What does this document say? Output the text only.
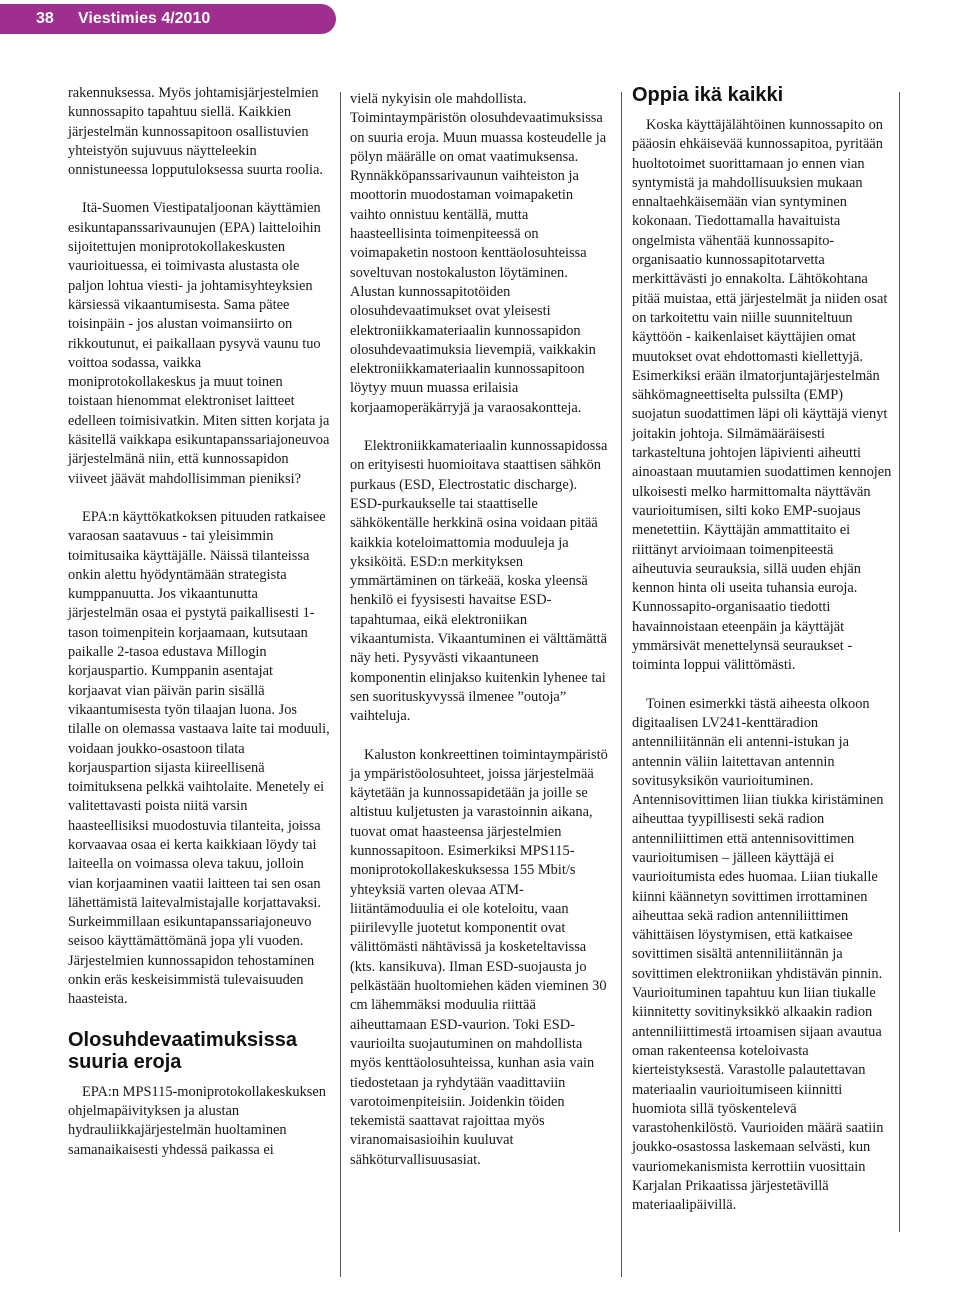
38	Viestimies 4/2010

rakennuksessa. Myös johtamisjärjestelmien kunnossapito tapahtuu siellä. Kaikkien järjestelmän kunnossapitoon osallistuvien yhteistyön sujuvuus näytteleekin onnistuneessa lopputuloksessa suurta roolia.

Itä-Suomen Viestipataljoonan käyttämien esikuntapanssarivaunujen (EPA) laitteloihin sijoitettujen moniprotokollakeskusten vaurioituessa, ei toimivasta alustasta ole paljon lohtua viesti- ja johtamisyhteyksien kärsiessä vikaantumisesta. Sama pätee toisinpäin - jos alustan voimansiirto on rikkoutunut, ei paikallaan pysyvä vaunu tuo voittoa sodassa, vaikka moniprotokollakeskus ja muut toinen toistaan hienommat elektroniset laitteet edelleen toimisivatkin. Miten sitten korjata ja käsitellä vaikkapa esikuntapanssariajoneuvoa järjestelmänä niin, että kunnossapidon viiveet jäävät mahdollisimman pieniksi?

EPA:n käyttökatkoksen pituuden ratkaisee varaosan saatavuus - tai yleisimmin toimitusaika käyttäjälle. Näissä tilanteissa onkin alettu hyödyntämään strategista kumppanuutta. Jos vikaantunutta järjestelmän osaa ei pystytä paikallisesti 1-tason toimenpitein korjaamaan, kutsutaan paikalle 2-tasoa edustava Millogin korjauspartio. Kumppanin asentajat korjaavat vian päivän parin sisällä vikaantumisesta työn tilaajan luona. Jos tilalle on olemassa vastaava laite tai moduuli, voidaan joukko-osastoon tilata korjauspartion sijasta kiireellisenä toimituksena pelkkä vaihtolaite. Menetely ei valitettavasti poista niitä varsin haasteellisiksi muodostuvia tilanteita, joissa korvaavaa osaa ei kerta kaikkiaan löydy tai laiteella on voimassa oleva takuu, jolloin vian korjaaminen vaatii laitteen tai sen osan lähettämistä laitevalmistajalle korjattavaksi. Surkeimmillaan esikuntapanssariajoneuvo seisoo käyttämättömänä jopa yli vuoden. Järjestelmien kunnossapidon tehostaminen onkin eräs keskeisimmistä tulevaisuuden haasteista.

Olosuhdevaatimuksissa suuria eroja

EPA:n MPS115-moniprotokollakeskuksen ohjelmapäivityksen ja alustan hydrauliikkajärjestelmän huoltaminen samanaikaisesti yhdessä paikassa ei

vielä nykyisin ole mahdollista. Toimintaympäristön olosuhdevaatimuksissa on suuria eroja. Muun muassa kosteudelle ja pölyn määrälle on omat vaatimuksensa. Rynnäkköpanssarivaunun vaihteiston ja moottorin muodostaman voimapaketin vaihto onnistuu kentällä, mutta haasteellisinta toimenpiteessä on voimapaketin nostoon kenttäolosuhteissa soveltuvan nostokaluston löytäminen. Alustan kunnossapitotöiden olosuhdevaatimukset ovat yleisesti elektroniikkamateriaalin kunnossapidon olosuhdevaatimuksia lievempiä, vaikkakin elektroniikkamateriaalin kunnossapitoon löytyy muun muassa erilaisia korjaamoperäkärryjä ja varaosakontteja.

Elektroniikkamateriaalin kunnossapidossa on erityisesti huomioitava staattisen sähkön purkaus (ESD, Electrostatic discharge). ESD-purkaukselle tai staattiselle sähkökentälle herkkinä osina voidaan pitää kaikkia koteloimattomia moduuleja ja yksiköitä. ESD:n merkityksen ymmärtäminen on tärkeää, koska yleensä henkilö ei fyysisesti havaitse ESD-tapahtumaa, eikä elektroniikan vikaantumista. Vikaantuminen ei välttämättä näy heti. Pysyvästi vikaantuneen komponentin elinjakso kuitenkin lyhenee tai sen suorituskyvyssä ilmenee ”outoja” vaihteluja.

Kaluston konkreettinen toimintaympäristö ja ympäristöolosuhteet, joissa järjestelmää käytetään ja kunnossapidetään ja joille se altistuu kuljetusten ja varastoinnin aikana, tuovat omat haasteensa järjestelmien kunnossapitoon. Esimerkiksi MPS115-moniprotokollakeskuksessa 155 Mbit/s yhteyksiä varten olevaa ATM-liitäntämoduulia ei ole koteloitu, vaan piirilevylle juotetut komponentit ovat välittömästi nähtävissä ja kosketeltavissa (kts. kansikuva). Ilman ESD-suojausta jo pelkästään huoltomiehen käden vieminen 30 cm lähemmäksi moduulia riittää aiheuttamaan ESD-vaurion. Toki ESD-vaurioilta suojautuminen on mahdollista myös kenttäolosuhteissa, kunhan asia vain tiedostetaan ja ryhdytään vaadittaviin varotoimenpiteisiin. Joidenkin töiden tekemistä saattavat rajoittaa myös viranomaisasioihin kuuluvat sähköturvallisuusasiat.

Oppia ikä kaikki

Koska käyttäjälähtöinen kunnossapito on pääosin ehkäisevää kunnossapitoa, pyritään huoltotoimet suorittamaan jo ennen vian syntymistä ja mahdollisuuksien mukaan ennaltaehkäisemään vian syntyminen kokonaan. Tiedottamalla havaituista ongelmista vähentää kunnossapito-organisaatio kunnossapitotarvetta merkittävästi jo ennakolta. Lähtökohtana pitää muistaa, että järjestelmät ja niiden osat on tarkoitettu vain niille suunniteltuun käyttöön - kaikenlaiset käyttäjien omat muutokset ovat ehdottomasti kiellettyjä. Esimerkiksi erään ilmatorjuntajärjestelmän sähkömagneettiselta pulssilta (EMP) suojatun suodattimen läpi oli käyttäjä vienyt joitakin johtoja. Silmämääräisesti tarkasteltuna johtojen läpivienti aiheutti ainoastaan muutamien suodattimen kennojen ulkoisesti melko harmittomalta näyttävän vaurioitumisen, silti koko EMP-suojaus menetettiin. Käyttäjän ammattitaito ei riittänyt arvioimaan toimenpiteestä aiheutuvia seurauksia, sillä uuden ehjän kennon hinta oli useita tuhansia euroja. Kunnossapito-organisaatio tiedotti havainnoistaan eteenpäin ja käyttäjät ymmärsivät menettelynsä seuraukset - toiminta loppui välittömästi.

Toinen esimerkki tästä aiheesta olkoon digitaalisen LV241-kenttäradion antenniliitännän eli antenni-istukan ja antennin väliin laitettavan antennin sovitusyksikön vaurioituminen. Antennisovittimen liian tiukka kiristäminen aiheuttaa tyypillisesti sekä radion antenniliittimen että antennisovittimen vaurioitumisen – jälleen käyttäjä ei vaurioitumista edes huomaa. Liian tiukalle kiinni käännetyn sovittimen irrottaminen aiheuttaa sekä radion antenniliittimen vähittäisen löystymisen, että katkaisee sovittimen sisältä antenniliitännän ja sovittimen elektroniikan yhdistävän pinnin. Vaurioituminen tapahtuu kun liian tiukalle kiinnitetty sovitinyksikkö alkaakin radion antenniliittimestä irtoamisen sijaan avautua oman rakenteensa koteloivasta kierteistyksestä. Varastolle palautettavan materiaalin vaurioitumiseen kiinnitti huomiota sillä työskentelevä varastohenkilöstö. Vaurioiden määrä saatiin joukko-osastossa laskemaan selvästi, kun vauriomekanismista kerrottiin vuosittain Karjalan Prikaatissa järjestetävillä materiaalipäivillä.
